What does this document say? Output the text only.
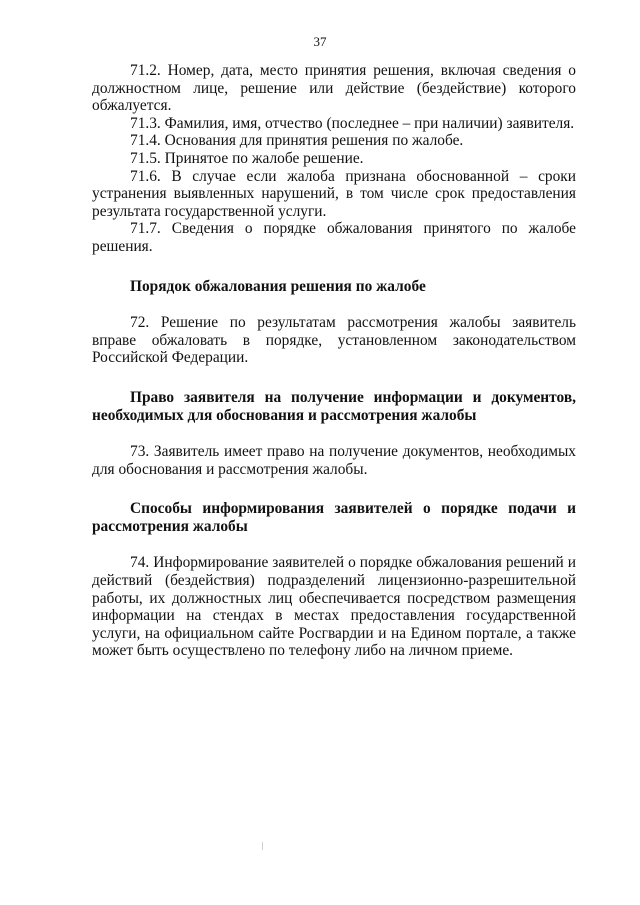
37

71.2. Номер, дата, место принятия решения, включая сведения о должностном лице, решение или действие (бездействие) которого обжалуется.

71.3. Фамилия, имя, отчество (последнее – при наличии) заявителя.

71.4. Основания для принятия решения по жалобе.

71.5. Принятое по жалобе решение.

71.6. В случае если жалоба признана обоснованной – сроки устранения выявленных нарушений, в том числе срок предоставления результата государственной услуги.

71.7. Сведения о порядке обжалования принятого по жалобе решения.

Порядок обжалования решения по жалобе

72. Решение по результатам рассмотрения жалобы заявитель вправе обжаловать в порядке, установленном законодательством Российской Федерации.

Право заявителя на получение информации и документов, необходимых для обоснования и рассмотрения жалобы

73. Заявитель имеет право на получение документов, необходимых для обоснования и рассмотрения жалобы.

Способы информирования заявителей о порядке подачи и рассмотрения жалобы

74. Информирование заявителей о порядке обжалования решений и действий (бездействия) подразделений лицензионно-разрешительной работы, их должностных лиц обеспечивается посредством размещения информации на стендах в местах предоставления государственной услуги, на официальном сайте Росгвардии и на Едином портале, а также может быть осуществлено по телефону либо на личном приеме.
